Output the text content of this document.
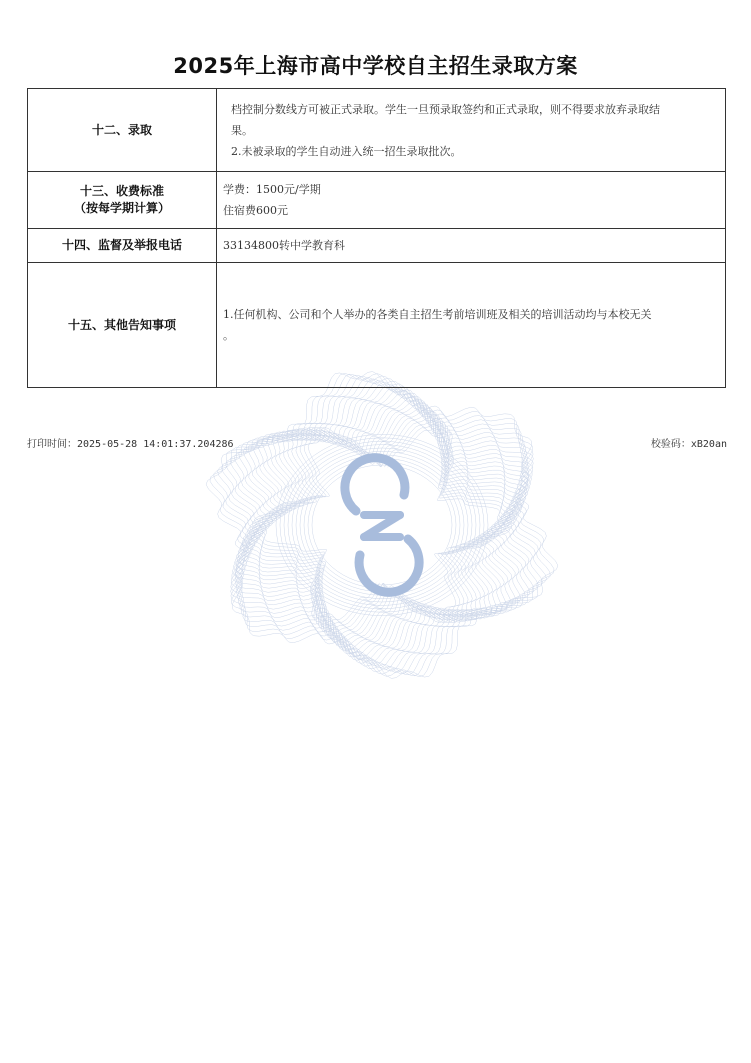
2025年上海市高中学校自主招生录取方案
十二、录取	档控制分数线方可被正式录取。学生一旦预录取签约和正式录取，则不得要求放弃录取结
果。
2.未被录取的学生自动进入统一招生录取批次。

十三、收费标准
（按每学期计算）	学费：1500元/学期
住宿费600元

十四、监督及举报电话	33134800转中学教育科

十五、其他告知事项	1.任何机构、公司和个人举办的各类自主招生考前培训班及相关的培训活动均与本校无关
。
打印时间：2025-05-28 14:01:37.204286	校验码：xB20an
